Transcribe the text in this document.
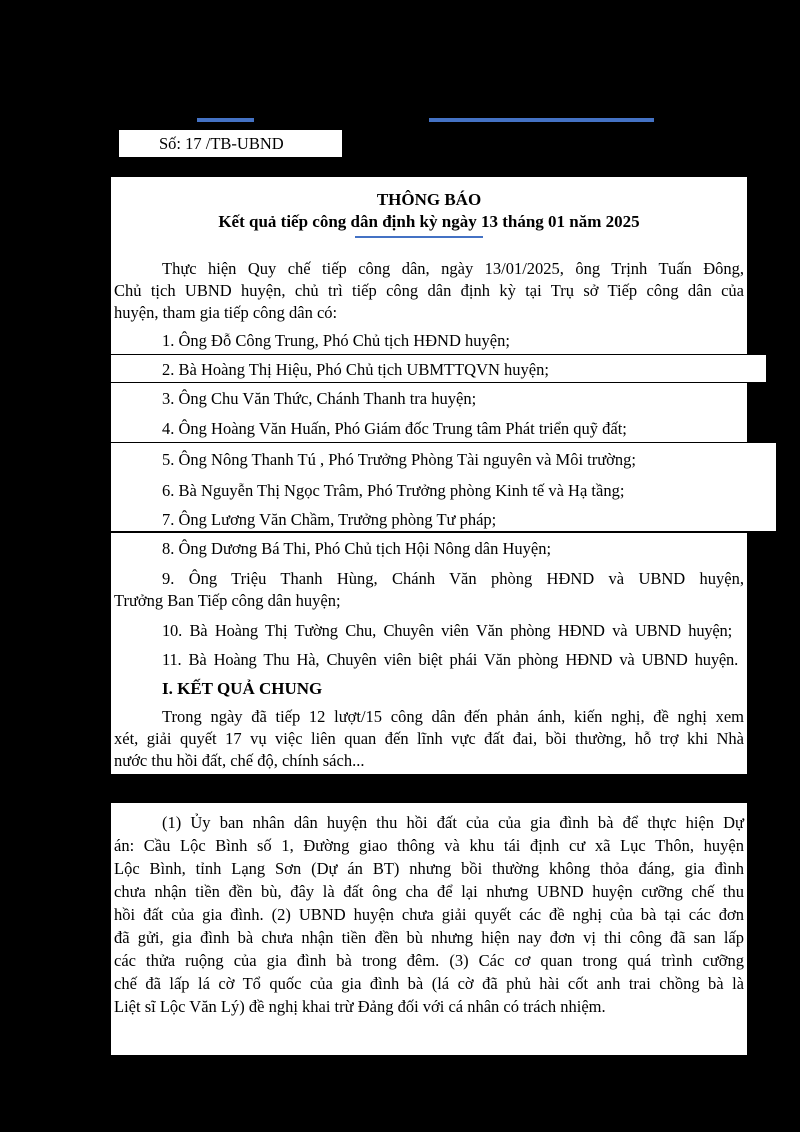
Số: 17 /TB-UBND
THÔNG BÁO
Kết quả tiếp công dân định kỳ ngày 13 tháng 01 năm 2025
Thực hiện Quy chế tiếp công dân, ngày 13/01/2025, ông Trịnh Tuấn Đông,
Chủ tịch UBND huyện, chủ trì tiếp công dân định kỳ tại Trụ sở Tiếp công dân của
huyện, tham gia tiếp công dân có:
1. Ông Đỗ Công Trung, Phó Chủ tịch HĐND huyện;
2. Bà Hoàng Thị Hiệu, Phó Chủ tịch UBMTTQVN huyện;
3. Ông Chu Văn Thức, Chánh Thanh tra huyện;
4. Ông Hoàng Văn Huấn, Phó Giám đốc Trung tâm Phát triển quỹ đất;
5. Ông Nông Thanh Tú , Phó Trưởng Phòng Tài nguyên và Môi trường;
6. Bà Nguyễn Thị Ngọc Trâm, Phó Trưởng phòng Kinh tế và Hạ tầng;
7. Ông Lương Văn Chầm, Trưởng phòng Tư pháp;
8. Ông Dương Bá Thi, Phó Chủ tịch Hội Nông dân Huyện;
9. Ông Triệu Thanh Hùng, Chánh Văn phòng HĐND và UBND huyện,
Trưởng Ban Tiếp công dân huyện;
10. Bà Hoàng Thị Tường Chu, Chuyên viên Văn phòng HĐND và UBND huyện;
11. Bà Hoàng Thu Hà, Chuyên viên biệt phái Văn phòng HĐND và UBND huyện.
I. KẾT QUẢ CHUNG
Trong ngày đã tiếp 12 lượt/15 công dân đến phản ánh, kiến nghị, đề nghị xem
xét, giải quyết 17 vụ việc liên quan đến lĩnh vực đất đai, bồi thường, hỗ trợ khi Nhà
nước thu hồi đất, chế độ, chính sách...
(1) Ủy ban nhân dân huyện thu hồi đất của của gia đình bà để thực hiện Dự
án: Cầu Lộc Bình số 1, Đường giao thông và khu tái định cư xã Lục Thôn, huyện
Lộc Bình, tỉnh Lạng Sơn (Dự án BT) nhưng bồi thường không thỏa đáng, gia đình
chưa nhận tiền đền bù, đây là đất ông cha để lại nhưng UBND huyện cưỡng chế thu
hồi đất của gia đình. (2) UBND huyện chưa giải quyết các đề nghị của bà tại các đơn
đã gửi, gia đình bà chưa nhận tiền đền bù nhưng hiện nay đơn vị thi công đã san lấp
các thửa ruộng của gia đình bà trong đêm. (3) Các cơ quan trong quá trình cưỡng
chế đã lấp lá cờ Tổ quốc của gia đình bà (lá cờ đã phủ hài cốt anh trai chồng bà là
Liệt sĩ Lộc Văn Lý) đề nghị khai trừ Đảng đối với cá nhân có trách nhiệm.
